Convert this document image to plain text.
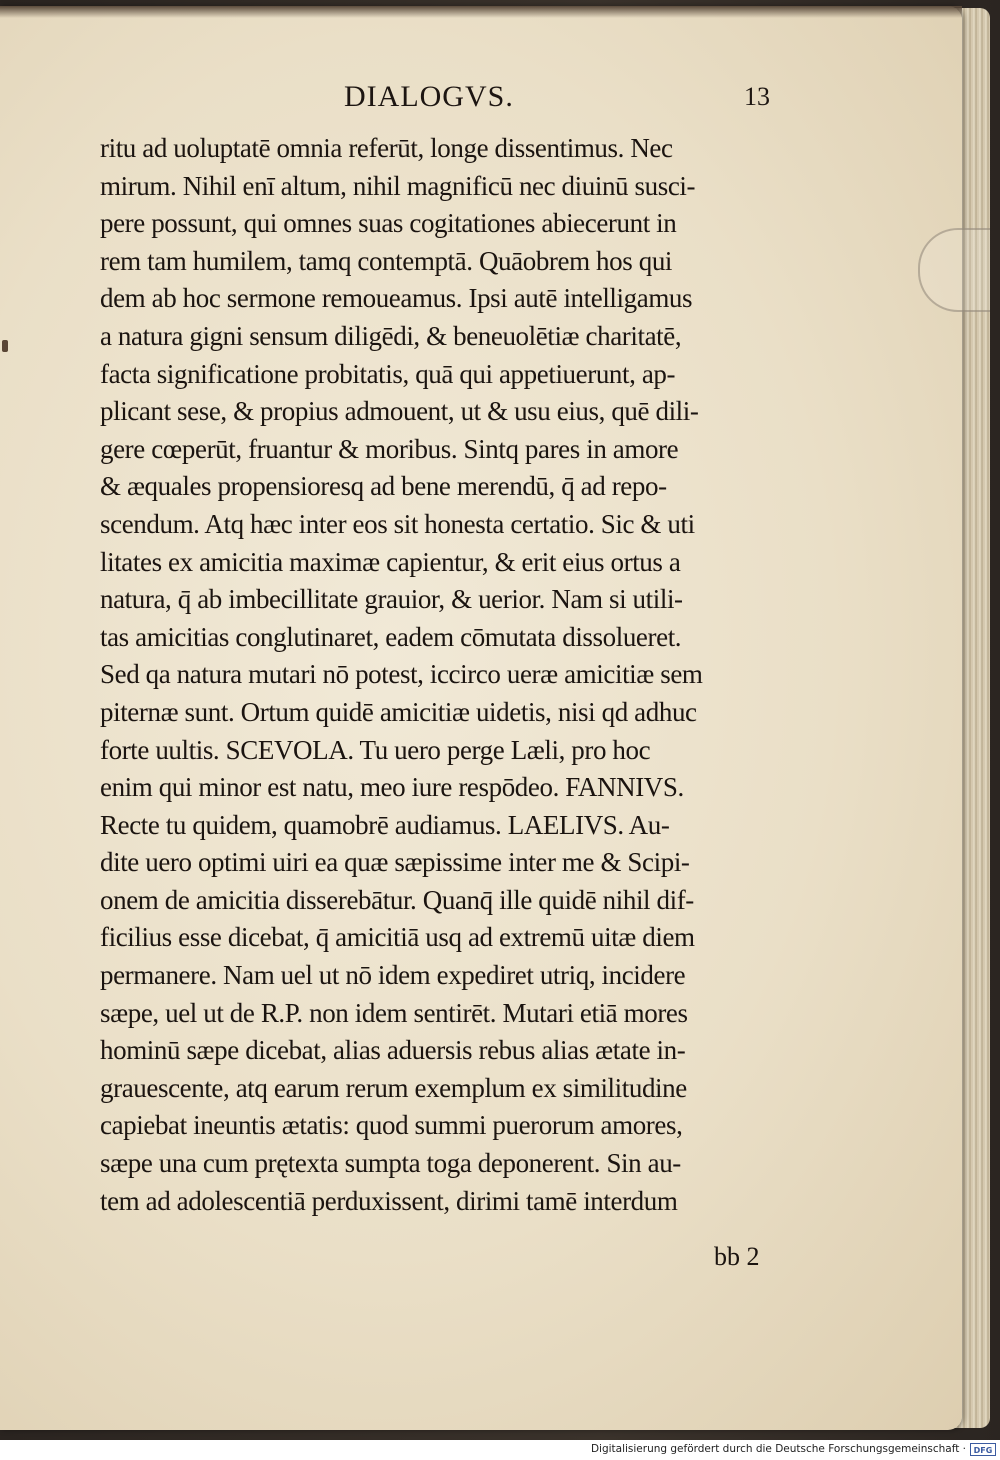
DIALOGVS.	13
ritu ad uoluptatē omnia referūt, longe dissentimus. Nec
mirum. Nihil enī altum, nihil magnificū nec diuinū susci-
pere possunt, qui omnes suas cogitationes abiecerunt in
rem tam humilem, tamq contemptā. Quāobrem hos qui
dem ab hoc sermone remoueamus. Ipsi autē intelligamus
a natura gigni sensum diligēdi, & beneuolētiæ charitatē,
facta significatione probitatis, quā qui appetiuerunt, ap-
plicant sese, & propius admouent, ut & usu eius, quē dili-
gere cœperūt, fruantur & moribus. Sintq pares in amore
& æquales propensioresq ad bene merendū, q̄ ad repo-
scendum. Atq hæc inter eos sit honesta certatio. Sic & uti
litates ex amicitia maximæ capientur, & erit eius ortus a
natura, q̄ ab imbecillitate grauior, & uerior. Nam si utili-
tas amicitias conglutinaret, eadem cōmutata dissolueret.
Sed qa natura mutari nō potest, iccirco ueræ amicitiæ sem
piternæ sunt. Ortum quidē amicitiæ uidetis, nisi qd adhuc
forte uultis. SCEVOLA. Tu uero perge Læli, pro hoc
enim qui minor est natu, meo iure respōdeo. FANNIVS.
Recte tu quidem, quamobrē audiamus. LAELIVS. Au-
dite uero optimi uiri ea quæ sæpissime inter me & Scipi-
onem de amicitia disserebātur. Quanq̄ ille quidē nihil dif-
ficilius esse dicebat, q̄ amicitiā usq ad extremū uitæ diem
permanere. Nam uel ut nō idem expediret utriq, incidere
sæpe, uel ut de R.P. non idem sentirēt. Mutari etiā mores
hominū sæpe dicebat, alias aduersis rebus alias ætate in-
grauescente, atq earum rerum exemplum ex similitudine
capiebat ineuntis ætatis: quod summi puerorum amores,
sæpe una cum prętexta sumpta toga deponerent. Sin au-
tem ad adolescentiā perduxissent, dirimi tamē interdum
bb 2
Digitalisierung gefördert durch die Deutsche Forschungsgemeinschaft · DFG
